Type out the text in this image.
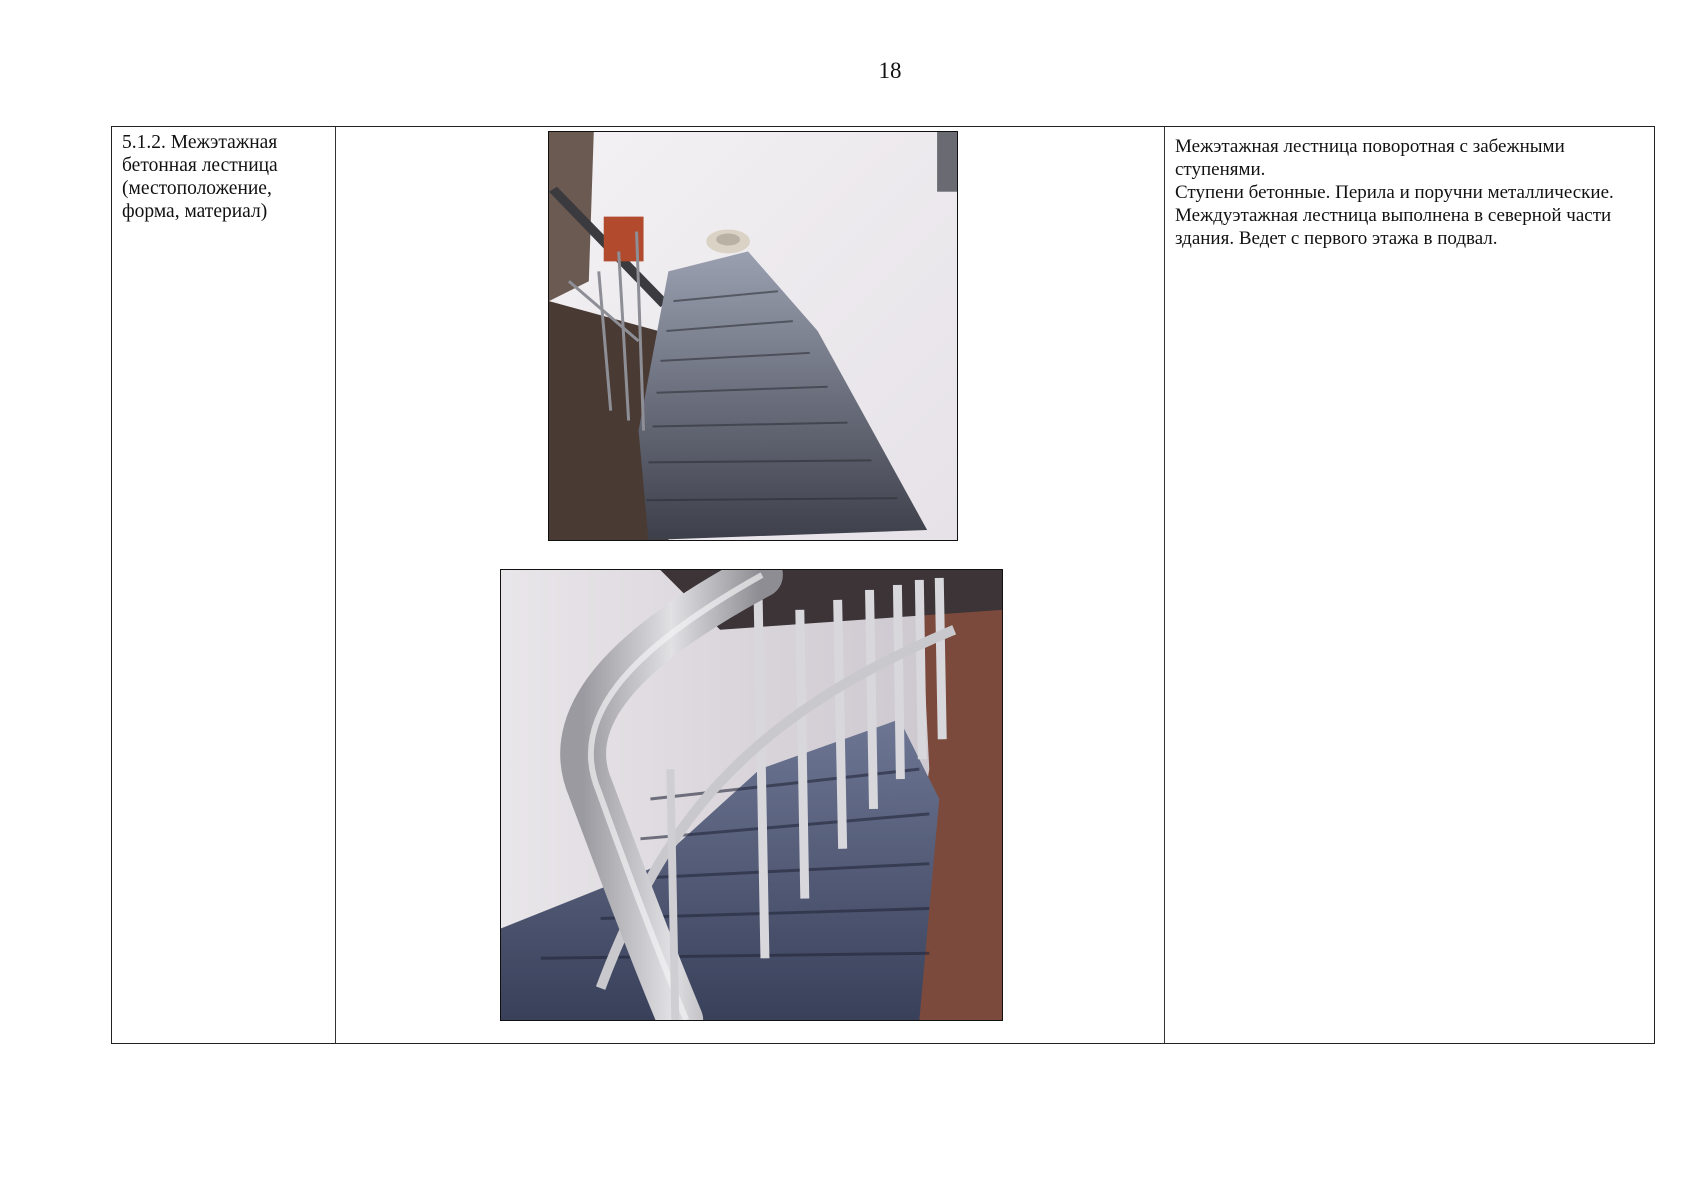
18
5.1.2. Межэтажная
бетонная лестница
(местоположение,
форма, материал)

Межэтажная лестница поворотная с забежными ступенями.

Ступени бетонные. Перила и поручни металлические.

Междуэтажная лестница выполнена в северной части здания. Ведет с первого этажа в подвал.
